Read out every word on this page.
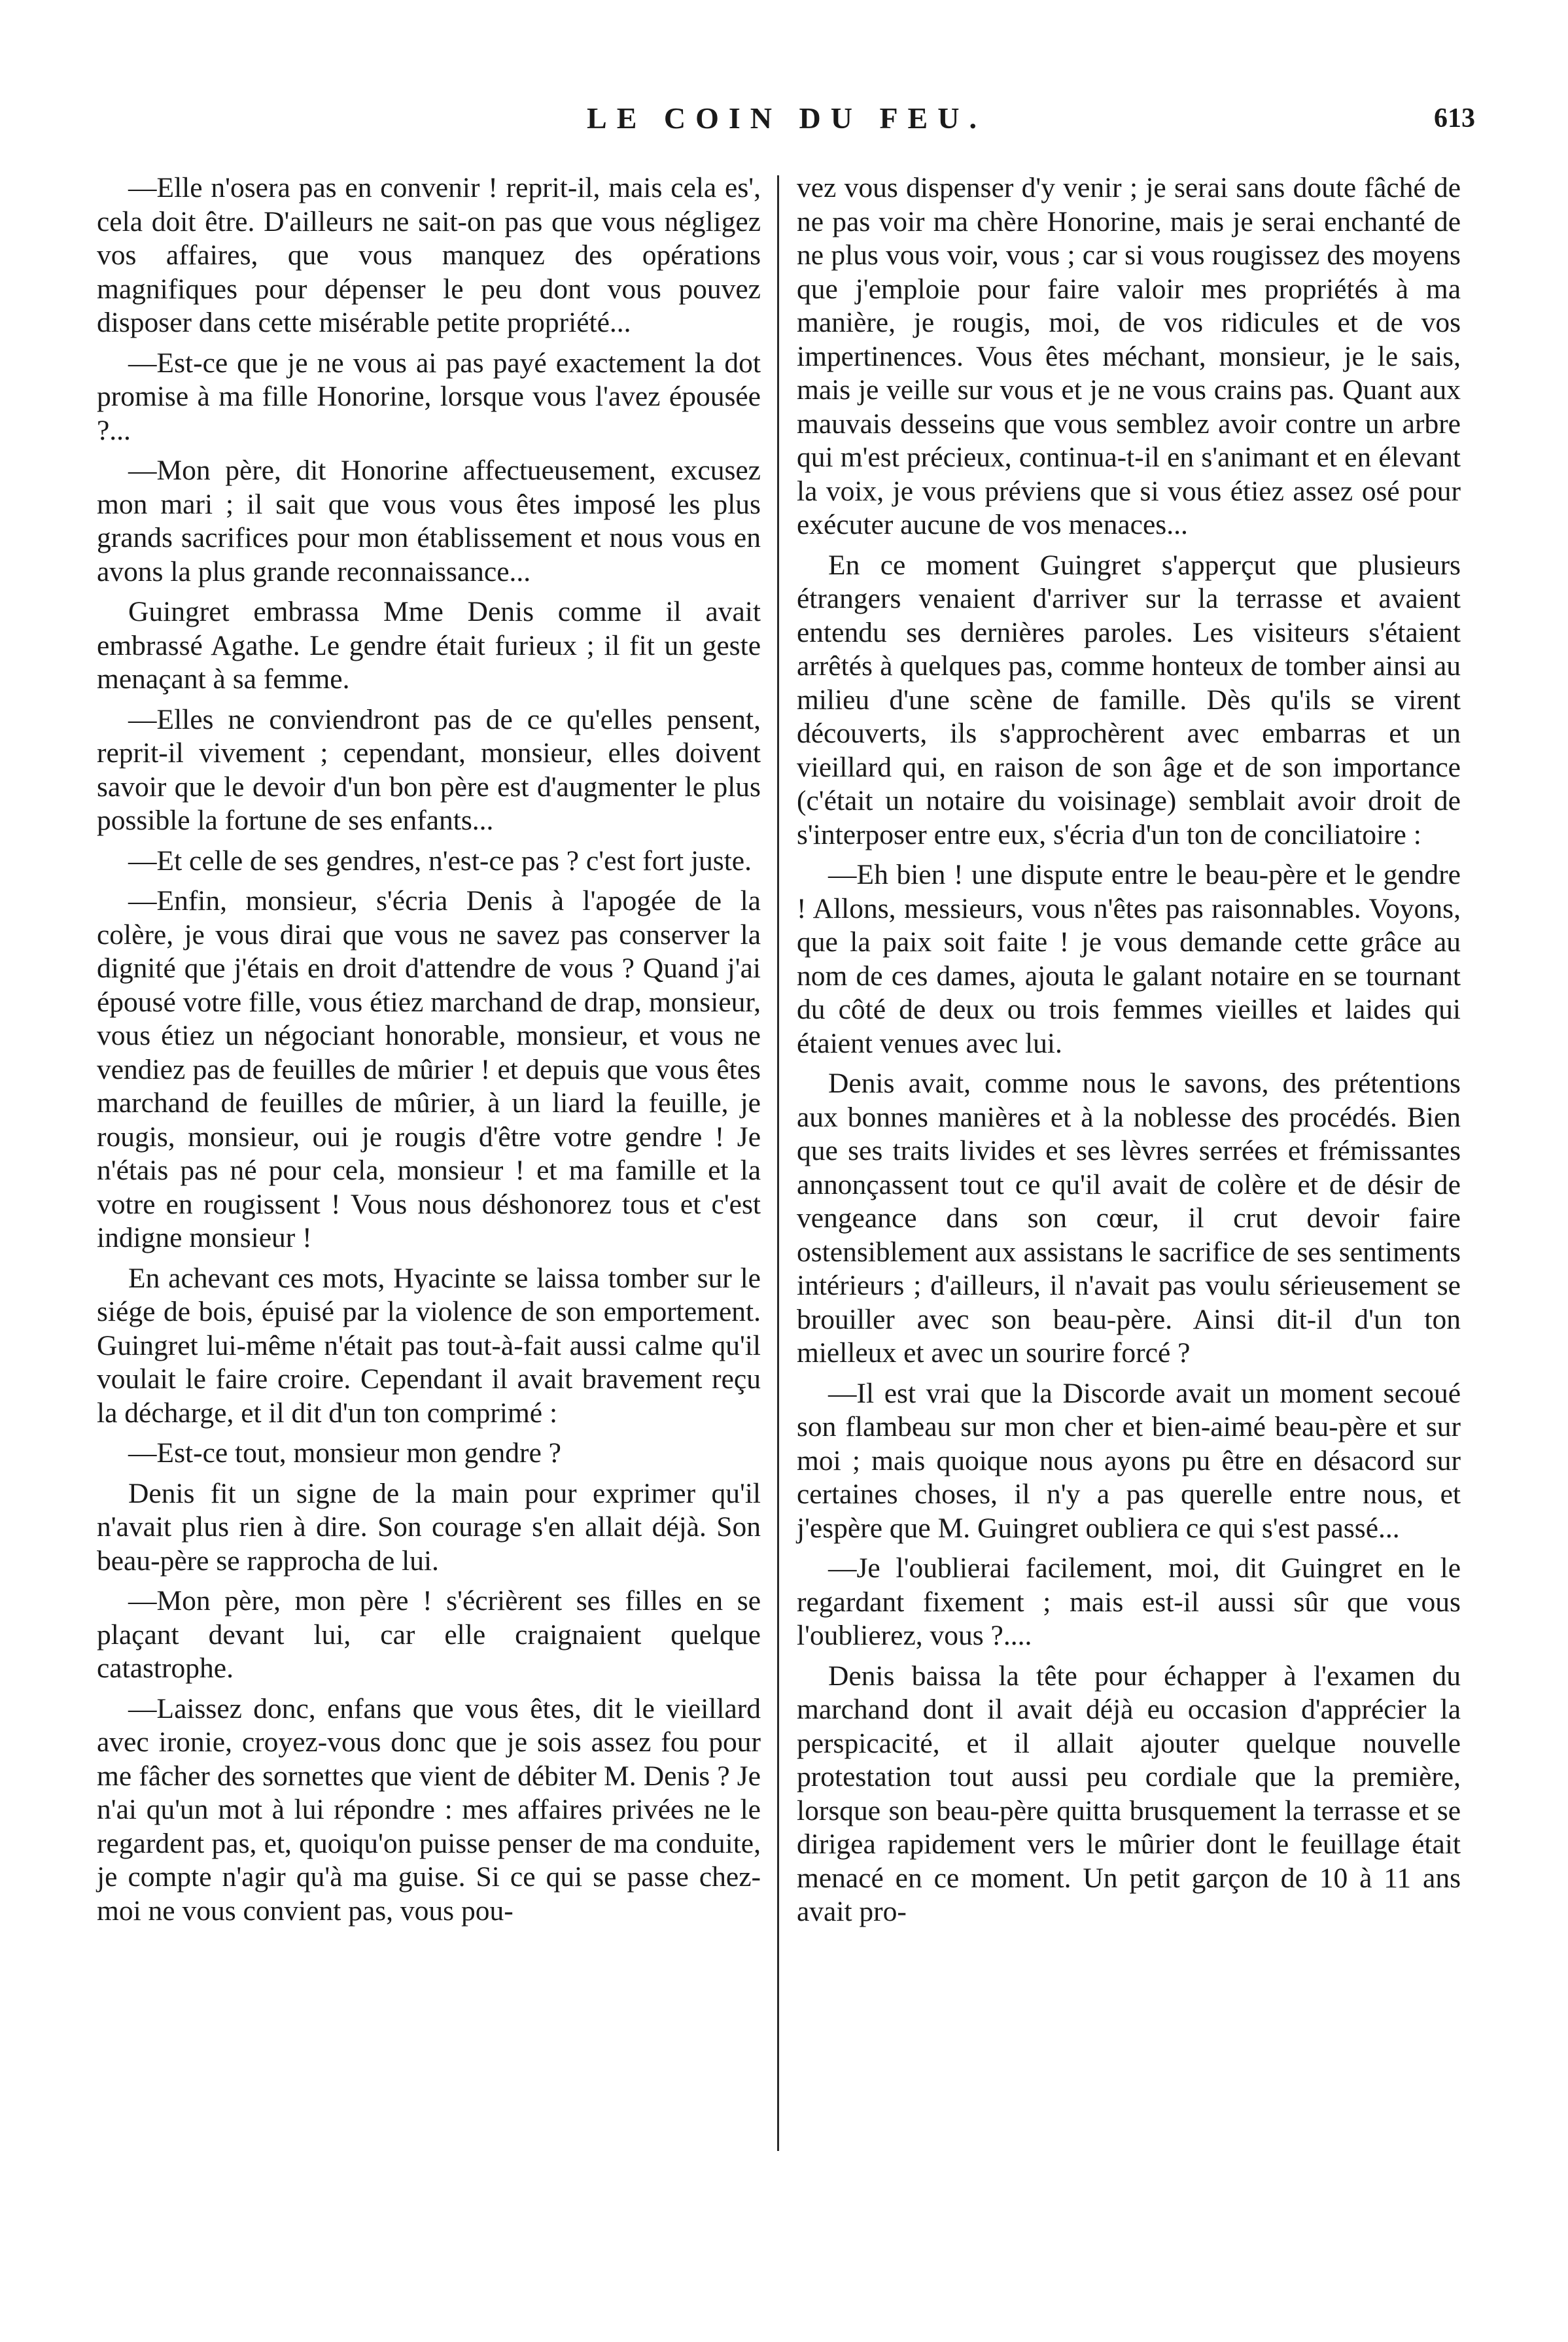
LE COIN DU FEU.	613

—Elle n'osera pas en convenir ! reprit-il, mais cela es', cela doit être. D'ailleurs ne sait-on pas que vous négligez vos affaires, que vous manquez des opérations magnifiques pour dépenser le peu dont vous pouvez disposer dans cette misérable petite propriété...

—Est-ce que je ne vous ai pas payé exactement la dot promise à ma fille Honorine, lorsque vous l'avez épousée ?...

—Mon père, dit Honorine affectueusement, excusez mon mari ; il sait que vous vous êtes imposé les plus grands sacrifices pour mon établissement et nous vous en avons la plus grande reconnaissance...

Guingret embrassa Mme Denis comme il avait embrassé Agathe. Le gendre était furieux ; il fit un geste menaçant à sa femme.

—Elles ne conviendront pas de ce qu'elles pensent, reprit-il vivement ; cependant, monsieur, elles doivent savoir que le devoir d'un bon père est d'augmenter le plus possible la fortune de ses enfants...

—Et celle de ses gendres, n'est-ce pas ? c'est fort juste.

—Enfin, monsieur, s'écria Denis à l'apogée de la colère, je vous dirai que vous ne savez pas conserver la dignité que j'étais en droit d'attendre de vous ? Quand j'ai épousé votre fille, vous étiez marchand de drap, monsieur, vous étiez un négociant honorable, monsieur, et vous ne vendiez pas de feuilles de mûrier ! et depuis que vous êtes marchand de feuilles de mûrier, à un liard la feuille, je rougis, monsieur, oui je rougis d'être votre gendre ! Je n'étais pas né pour cela, monsieur ! et ma famille et la votre en rougissent ! Vous nous déshonorez tous et c'est indigne monsieur !

En achevant ces mots, Hyacinte se laissa tomber sur le siége de bois, épuisé par la violence de son emportement. Guingret lui-même n'était pas tout-à-fait aussi calme qu'il voulait le faire croire. Cependant il avait bravement reçu la décharge, et il dit d'un ton comprimé :

—Est-ce tout, monsieur mon gendre ?

Denis fit un signe de la main pour exprimer qu'il n'avait plus rien à dire. Son courage s'en allait déjà. Son beau-père se rapprocha de lui.

—Mon père, mon père ! s'écrièrent ses filles en se plaçant devant lui, car elle craignaient quelque catastrophe.

—Laissez donc, enfans que vous êtes, dit le vieillard avec ironie, croyez-vous donc que je sois assez fou pour me fâcher des sornettes que vient de débiter M. Denis ? Je n'ai qu'un mot à lui répondre : mes affaires privées ne le regardent pas, et, quoiqu'on puisse penser de ma conduite, je compte n'agir qu'à ma guise. Si ce qui se passe chez-moi ne vous convient pas, vous pou-

vez vous dispenser d'y venir ; je serai sans doute fâché de ne pas voir ma chère Honorine, mais je serai enchanté de ne plus vous voir, vous ; car si vous rougissez des moyens que j'emploie pour faire valoir mes propriétés à ma manière, je rougis, moi, de vos ridicules et de vos impertinences. Vous êtes méchant, monsieur, je le sais, mais je veille sur vous et je ne vous crains pas. Quant aux mauvais desseins que vous semblez avoir contre un arbre qui m'est précieux, continua-t-il en s'animant et en élevant la voix, je vous préviens que si vous étiez assez osé pour exécuter aucune de vos menaces...

En ce moment Guingret s'apperçut que plusieurs étrangers venaient d'arriver sur la terrasse et avaient entendu ses dernières paroles. Les visiteurs s'étaient arrêtés à quelques pas, comme honteux de tomber ainsi au milieu d'une scène de famille. Dès qu'ils se virent découverts, ils s'approchèrent avec embarras et un vieillard qui, en raison de son âge et de son importance (c'était un notaire du voisinage) semblait avoir droit de s'interposer entre eux, s'écria d'un ton de conciliatoire :

—Eh bien ! une dispute entre le beau-père et le gendre ! Allons, messieurs, vous n'êtes pas raisonnables. Voyons, que la paix soit faite ! je vous demande cette grâce au nom de ces dames, ajouta le galant notaire en se tournant du côté de deux ou trois femmes vieilles et laides qui étaient venues avec lui.

Denis avait, comme nous le savons, des prétentions aux bonnes manières et à la noblesse des procédés. Bien que ses traits livides et ses lèvres serrées et frémissantes annonçassent tout ce qu'il avait de colère et de désir de vengeance dans son cœur, il crut devoir faire ostensiblement aux assistans le sacrifice de ses sentiments intérieurs ; d'ailleurs, il n'avait pas voulu sérieusement se brouiller avec son beau-père. Ainsi dit-il d'un ton mielleux et avec un sourire forcé ?

—Il est vrai que la Discorde avait un moment secoué son flambeau sur mon cher et bien-aimé beau-père et sur moi ; mais quoique nous ayons pu être en désacord sur certaines choses, il n'y a pas querelle entre nous, et j'espère que M. Guingret oubliera ce qui s'est passé...

—Je l'oublierai facilement, moi, dit Guingret en le regardant fixement ; mais est-il aussi sûr que vous l'oublierez, vous ?....

Denis baissa la tête pour échapper à l'examen du marchand dont il avait déjà eu occasion d'apprécier la perspicacité, et il allait ajouter quelque nouvelle protestation tout aussi peu cordiale que la première, lorsque son beau-père quitta brusquement la terrasse et se dirigea rapidement vers le mûrier dont le feuillage était menacé en ce moment. Un petit garçon de 10 à 11 ans avait pro-
